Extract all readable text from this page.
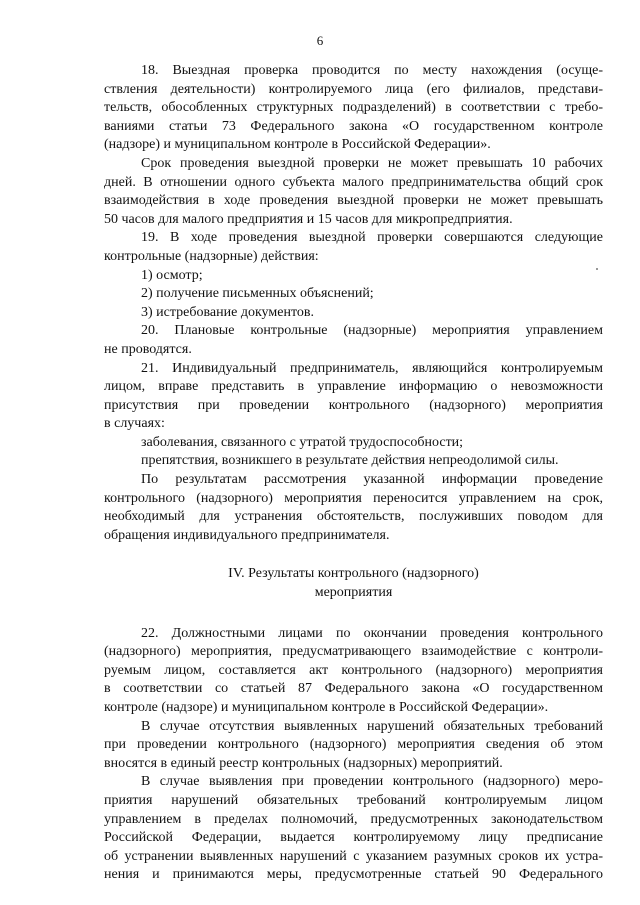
6
18. Выездная проверка проводится по месту нахождения (осуще-
ствления деятельности) контролируемого лица (его филиалов, представи-
тельств, обособленных структурных подразделений) в соответствии с требо-
ваниями статьи 73 Федерального закона «О государственном контроле
(надзоре) и муниципальном контроле в Российской Федерации».
Срок проведения выездной проверки не может превышать 10 рабочих
дней. В отношении одного субъекта малого предпринимательства общий срок
взаимодействия в ходе проведения выездной проверки не может превышать
50 часов для малого предприятия и 15 часов для микропредприятия.
19. В ходе проведения выездной проверки совершаются следующие
контрольные (надзорные) действия:
1) осмотр;
2) получение письменных объяснений;
3) истребование документов.
20. Плановые контрольные (надзорные) мероприятия управлением
не проводятся.
21. Индивидуальный предприниматель, являющийся контролируемым
лицом, вправе представить в управление информацию о невозможности
присутствия при проведении контрольного (надзорного) мероприятия
в случаях:
заболевания, связанного с утратой трудоспособности;
препятствия, возникшего в результате действия непреодолимой силы.
По результатам рассмотрения указанной информации проведение
контрольного (надзорного) мероприятия переносится управлением на срок,
необходимый для устранения обстоятельств, послуживших поводом для
обращения индивидуального предпринимателя.
IV. Результаты контрольного (надзорного)
мероприятия
22. Должностными лицами по окончании проведения контрольного
(надзорного) мероприятия, предусматривающего взаимодействие с контроли-
руемым лицом, составляется акт контрольного (надзорного) мероприятия
в соответствии со статьей 87 Федерального закона «О государственном
контроле (надзоре) и муниципальном контроле в Российской Федерации».
В случае отсутствия выявленных нарушений обязательных требований
при проведении контрольного (надзорного) мероприятия сведения об этом
вносятся в единый реестр контрольных (надзорных) мероприятий.
В случае выявления при проведении контрольного (надзорного) меро-
приятия нарушений обязательных требований контролируемым лицом
управлением в пределах полномочий, предусмотренных законодательством
Российской Федерации, выдается контролируемому лицу предписание
об устранении выявленных нарушений с указанием разумных сроков их устра-
нения и принимаются меры, предусмотренные статьей 90 Федерального
